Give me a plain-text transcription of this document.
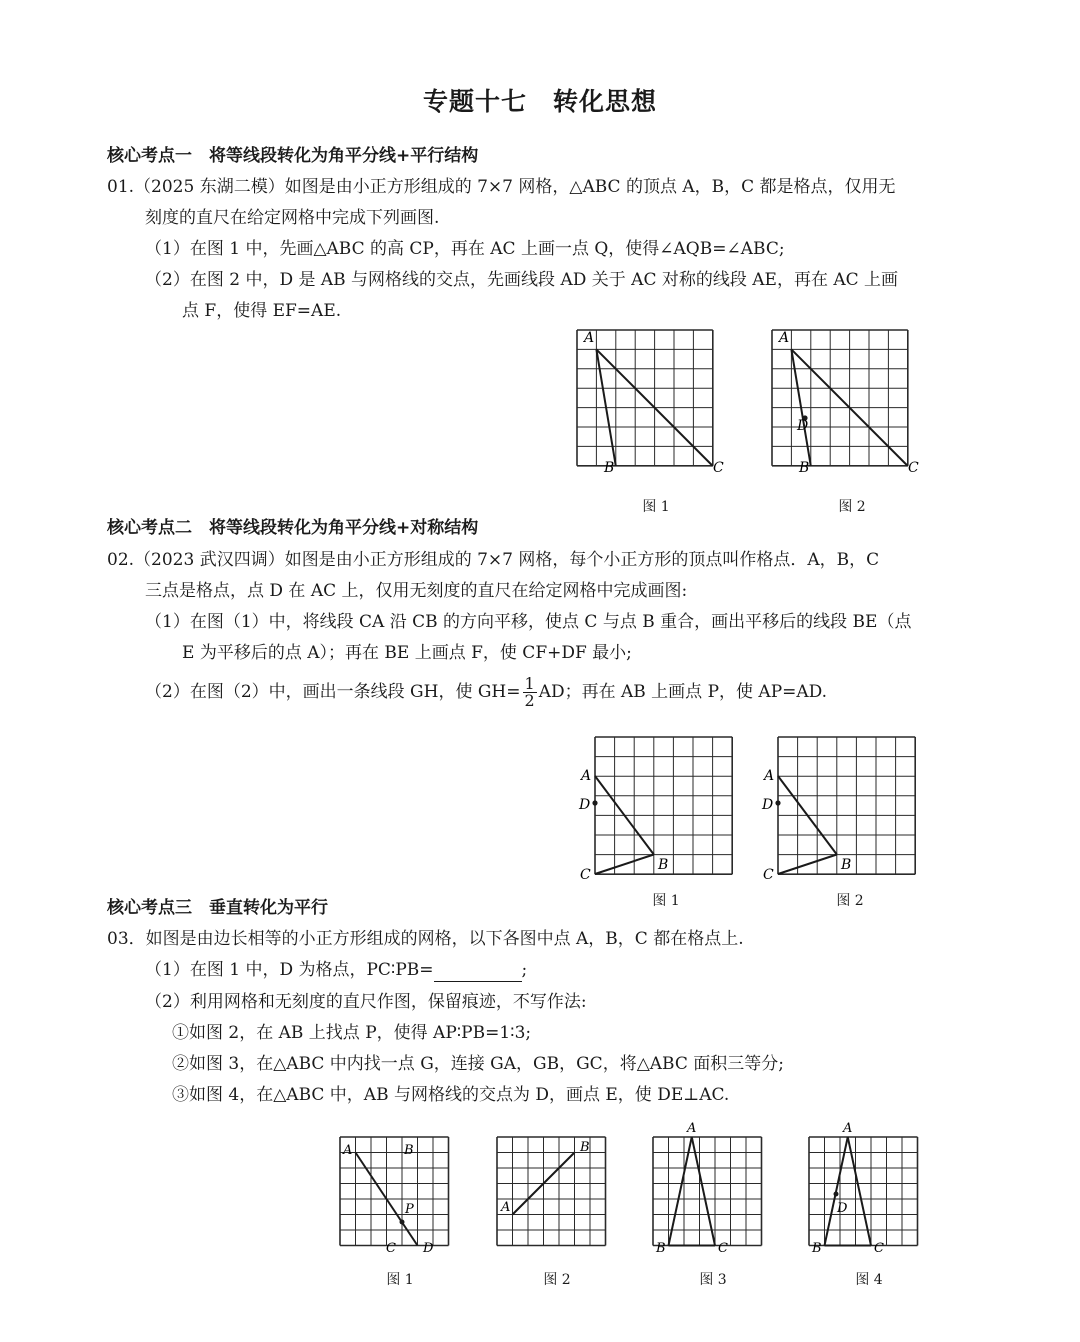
专题十七　转化思想
核心考点一　将等线段转化为角平分线+平行结构
01.（2025 东湖二模）如图是由小正方形组成的 7×7 网格，△ABC 的顶点 A，B，C 都是格点，仅用无
刻度的直尺在给定网格中完成下列画图.
（1）在图 1 中，先画△ABC 的高 CP，再在 AC 上画一点 Q，使得∠AQB=∠ABC;
（2）在图 2 中，D 是 AB 与网格线的交点，先画线段 AD 关于 AC 对称的线段 AE，再在 AC 上画
点 F，使得 EF=AE.
A
B	C
图 1
A
D
B	C
图 2
核心考点二　将等线段转化为角平分线+对称结构
02.（2023 武汉四调）如图是由小正方形组成的 7×7 网格，每个小正方形的顶点叫作格点．A，B，C
三点是格点，点 D 在 AC 上，仅用无刻度的直尺在给定网格中完成画图:
（1）在图（1）中，将线段 CA 沿 CB 的方向平移，使点 C 与点 B 重合，画出平移后的线段 BE（点
E 为平移后的点 A）；再在 BE 上画点 F，使 CF+DF 最小;
（2）在图（2）中，画出一条线段 GH，使 $GH= \frac{1}{2}$ AD；再在 AB 上画点 P，使 AP=AD.
A
D
B
C
图 1
A
D
B
C
图 2
核心考点三　垂直转化为平行
03．如图是由边长相等的小正方形组成的网格，以下各图中点 A，B，C 都在格点上.
（1）在图 1 中，D 为格点，PC∶PB=	;
（2）利用网格和无刻度的直尺作图，保留痕迹，不写作法:
①如图 2，在 AB 上找点 P，使得 AP∶PB=1∶3;
②如图 3，在△ABC 中内找一点 G，连接 GA，GB，GC，将△ABC 面积三等分;
③如图 4，在△ABC 中，AB 与网格线的交点为 D，画点 E，使 DE⊥AC.
A	B
P
C D
图 1
A
B
图 2
A
B	C
图 3
A
D
B	C
图 4
